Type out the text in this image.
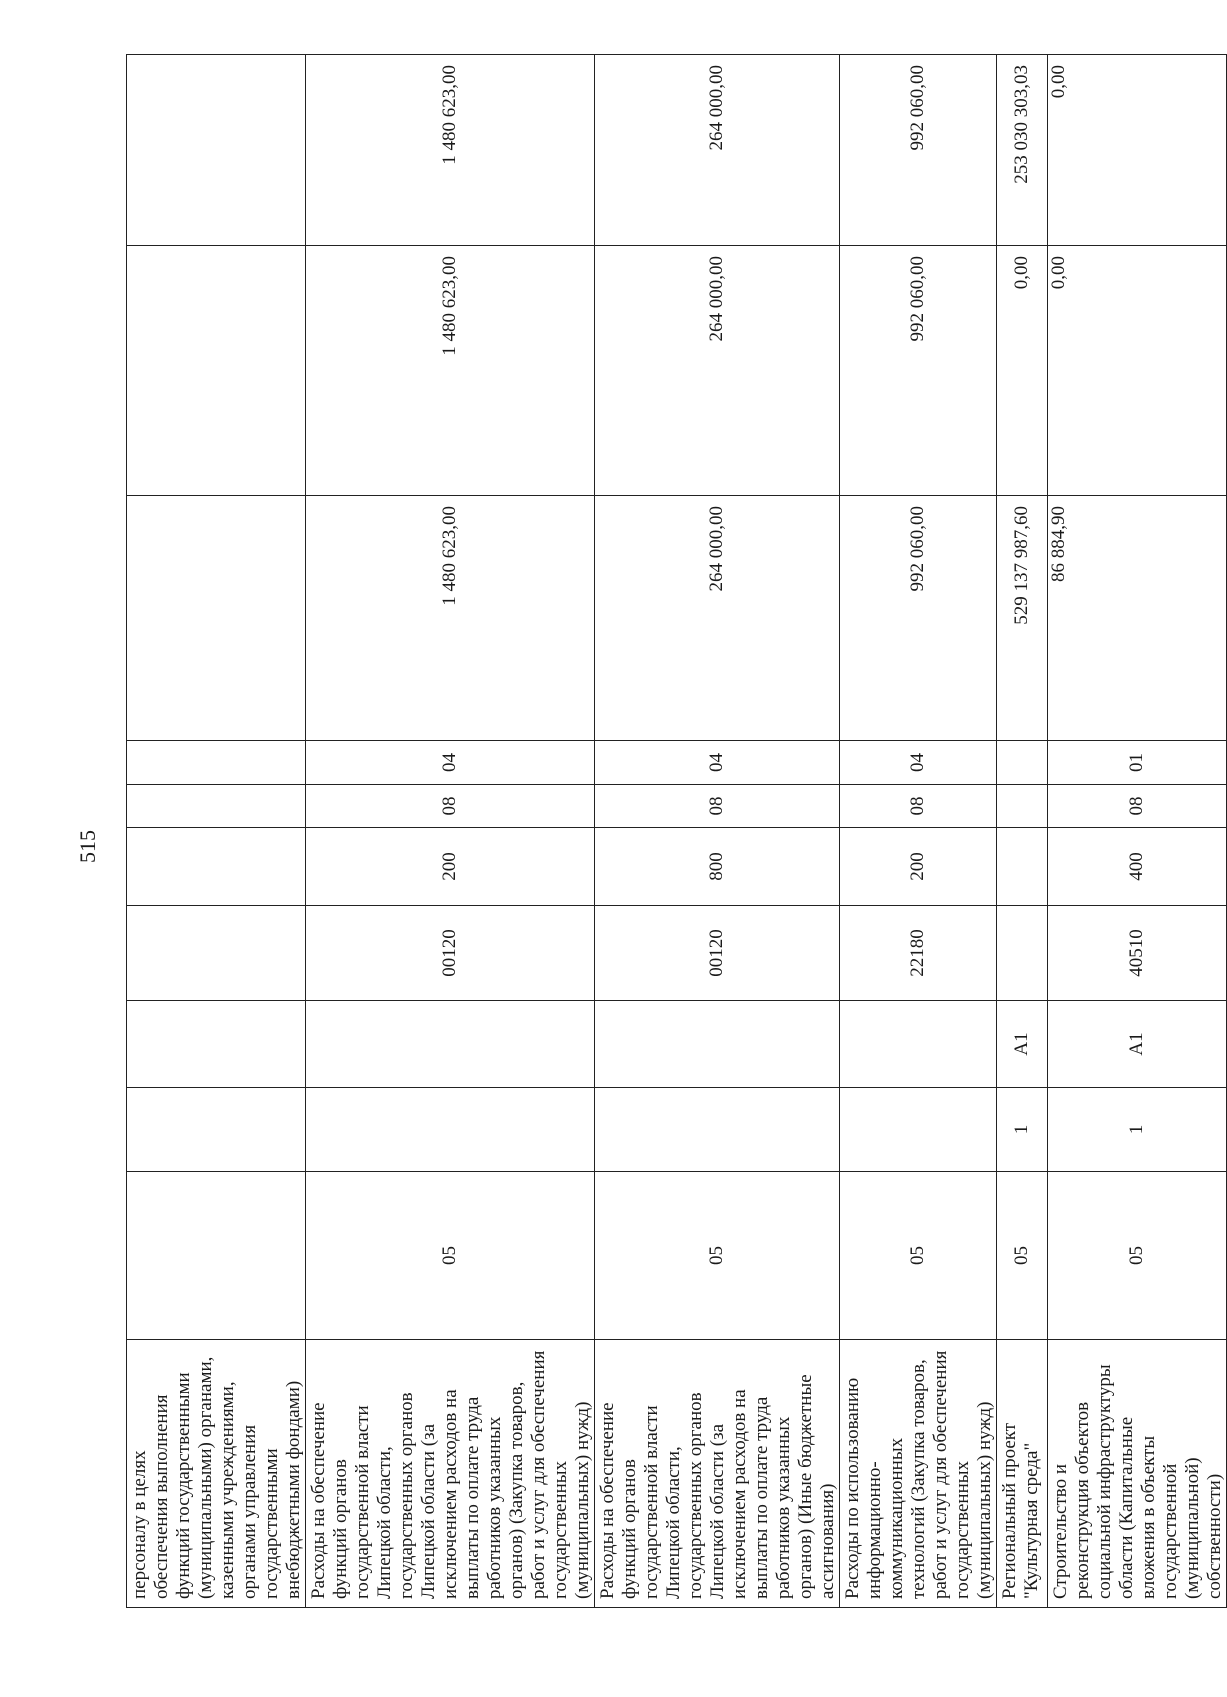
515
персоналу в целях обеспечения выполнения функций государственными (муниципальными) органами, казенными учреждениями, органами управления государственными внебюджетными фондами)										
Расходы на обеспечение функций органов государственной власти Липецкой области, государственных органов Липецкой области (за исключением расходов на выплаты по оплате труда работников указанных органов) (Закупка товаров, работ и услуг для обеспечения государственных (муниципальных) нужд)	05			00120	200	08	04	1 480 623,00	1 480 623,00	1 480 623,00
Расходы на обеспечение функций органов государственной власти Липецкой области, государственных органов Липецкой области (за исключением расходов на выплаты по оплате труда работников указанных органов) (Иные бюджетные ассигнования)	05			00120	800	08	04	264 000,00	264 000,00	264 000,00
Расходы по использованию информационно-коммуникационных технологий (Закупка товаров, работ и услуг для обеспечения государственных (муниципальных) нужд)	05			22180	200	08	04	992 060,00	992 060,00	992 060,00
Региональный проект "Культурная среда"	05	1	А1					529 137 987,60	0,00	253 030 303,03
Строительство и реконструкция объектов социальной инфраструктуры области (Капитальные вложения в объекты государственной (муниципальной) собственности)	05	1	А1	40510	400	08	01	86 884,90	0,00	0,00
